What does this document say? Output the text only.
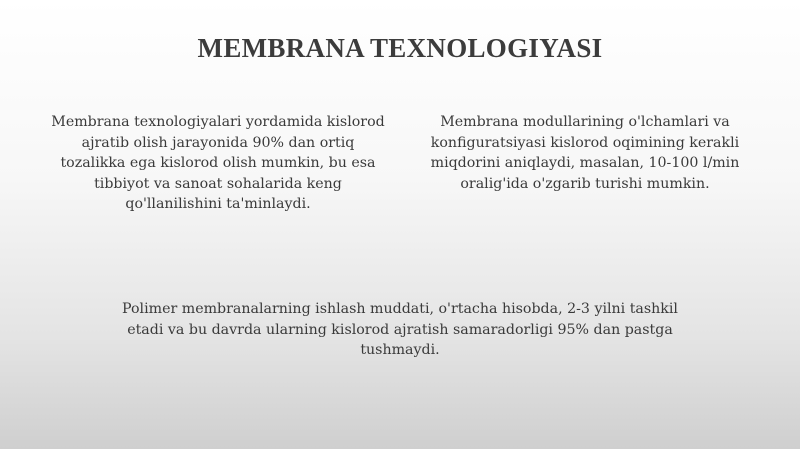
MEMBRANA TEXNOLOGIYASI

Membrana texnologiyalari yordamida kislorod ajratib olish jarayonida 90% dan ortiq tozalikka ega kislorod olish mumkin, bu esa tibbiyot va sanoat sohalarida keng qo'llanilishini ta'minlaydi.

Membrana modullarining o'lchamlari va konfiguratsiyasi kislorod oqimining kerakli miqdorini aniqlaydi, masalan, 10-100 l/min oralig'ida o'zgarib turishi mumkin.

Polimer membranalarning ishlash muddati, o'rtacha hisobda, 2-3 yilni tashkil etadi va bu davrda ularning kislorod ajratish samaradorligi 95% dan pastga tushmaydi.
